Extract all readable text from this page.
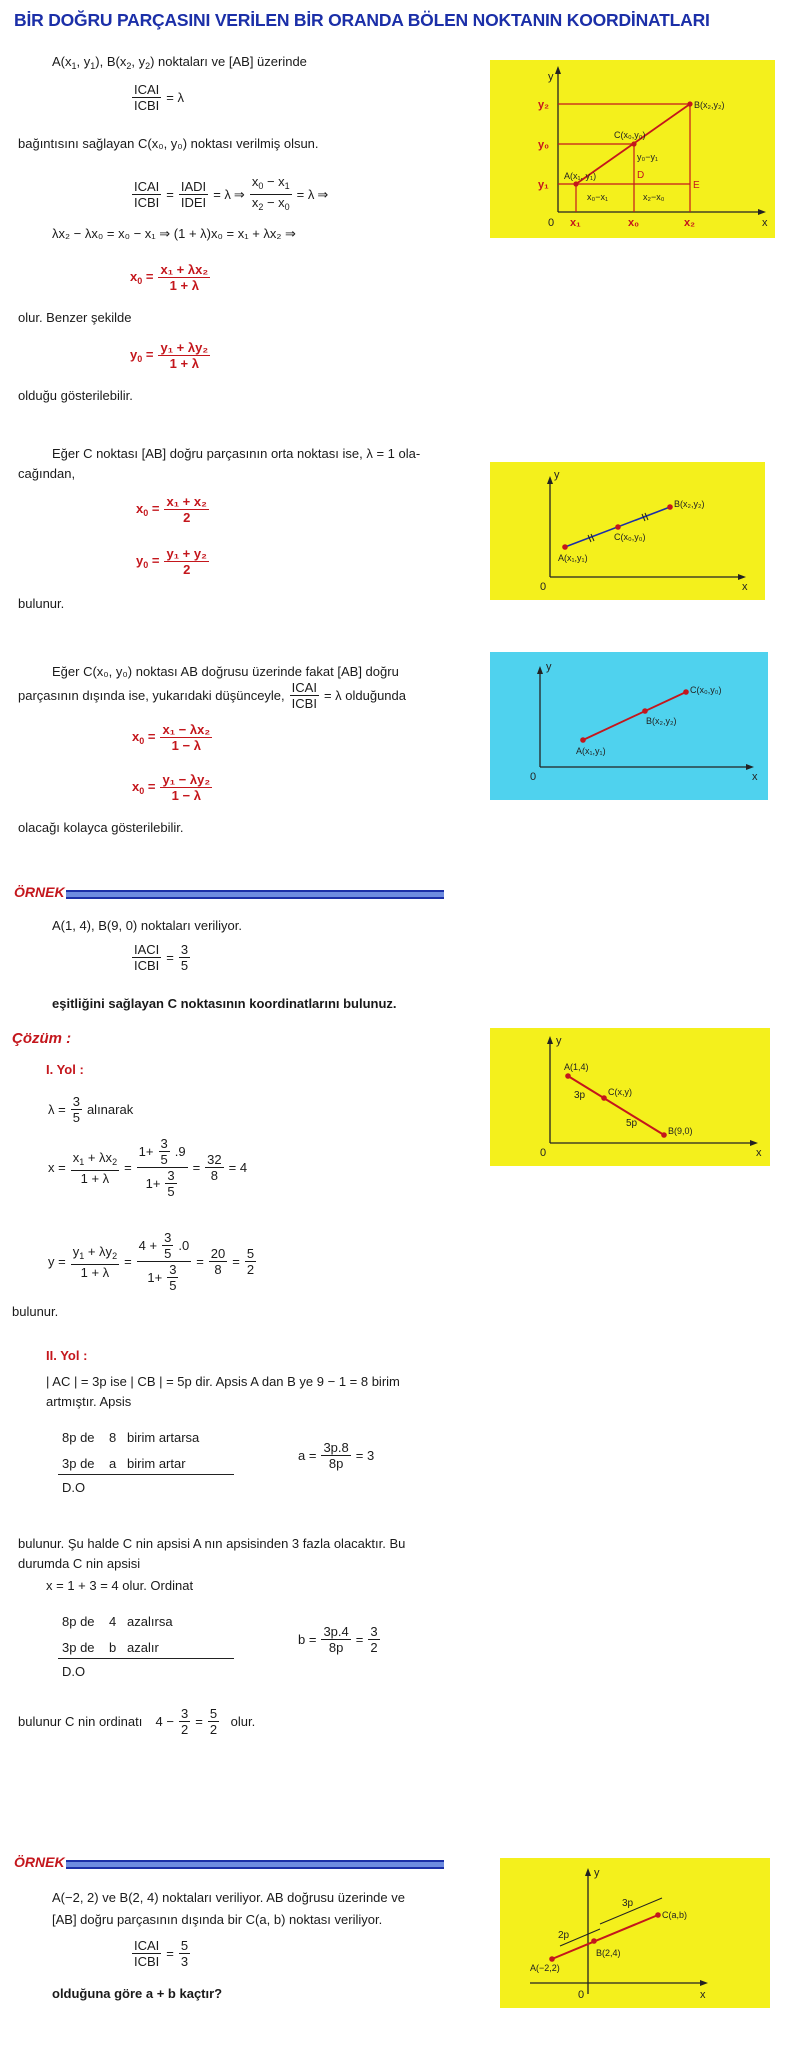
BİR DOĞRU PARÇASINI VERİLEN BİR ORANDA BÖLEN NOKTANIN KOORDİNATLARI
$A(x_1$, $y_1$), $B(x_2$, $y_2$) noktaları ve [AB] üzerinde
$\frac{\text{ICAI}}{\text{ICBI}} = \lambda$
bağıntısını sağlayan C(x₀, y₀) noktası verilmiş olsun.
$\frac{\text{ICAI}}{\text{ICBI}} = \frac{\text{IADI}}{\text{IDEI}} = \lambda$ ⇒ $\frac{x_0 - x_1}{x_2 - x_0} = \lambda$ ⇒
λx₂ − λx₀ = x₀ − x₁ ⇒ (1 + λ)x₀ = x₁ + λx₂ ⇒
$x_0 = \frac{\text{x₁ + λx₂}}{1 + \lambda}$
olur. Benzer şekilde
$y_0 = \frac{\text{y₁ + λy₂}}{1 + \lambda}$
olduğu gösterilebilir.
y
x
0
y₂
y₀
y₁
x₁	x₀	x₂
A(x₁, y₁)
B(x₂,y₂)
C(x₀,y₀)
D
E
x₀−x₁	x₂−x₀
y₀−y₁
Eğer C noktası [AB] doğru parçasının orta noktası ise, λ = 1 ola-
cağından,
$x_0 = \frac{\text{x₁ + x₂}}{2}$
$y_0 = \frac{\text{y₁ + y₂}}{2}$
bulunur.
y
x
0
A(x₁,y₁)
B(x₂,y₂)
C(x₀,y₀)
Eğer C(x₀, y₀) noktası AB doğrusu üzerinde fakat [AB] doğru
parçasının dışında ise, yukarıdaki düşünceyle, $\frac{\text{ICAI}}{\text{ICBI}} = \lambda$ olduğunda
$x_0 = \frac{\text{x₁ − λx₂}}{1 - \lambda}$
$x_0 = \frac{\text{y₁ − λy₂}}{1 - \lambda}$
olacağı kolayca gösterilebilir.
y
x
0
A(x₁,y₁)
B(x₂,y₂)
C(x₀,y₀)
ÖRNEK
A(1, 4), B(9, 0) noktaları veriliyor.
$\frac{\text{IACI}}{\text{ICBI}} = \frac{3}{5}$
eşitliğini sağlayan C noktasının koordinatlarını bulunuz.
Çözüm :
I. Yol :
$\lambda = \frac{3}{5}$ alınarak
$x = \frac{x_1 + \lambda x_2}{1 + \lambda} = \frac{1+ \frac{3}{5} .9}{1+ \frac{3}{5}} = \frac{32}{8} = 4$
$y = \frac{y_1 + \lambda y_2}{1 + \lambda} = \frac{4 + \frac{3}{5} .0}{1+ \frac{3}{5}} = \frac{20}{8} = \frac{5}{2}$
bulunur.
y
x
0
A(1,4)
B(9,0)
C(x,y)
3p
5p
II. Yol :
| AC | = 3p ise | CB | = 5p dir. Apsis A dan B ye 9 − 1 = 8 birim
artmıştır. Apsis
8p de    8   birim artarsa
3p de    a   birim artar
D.O
$a = \frac{3p.8}{8p} = 3$
bulunur. Şu halde C nin apsisi A nın apsisinden 3 fazla olacaktır. Bu
durumda C nin apsisi
x = 1 + 3 = 4 olur. Ordinat
8p de    4   azalırsa
3p de    b   azalır
D.O
$b = \frac{3p.4}{8p} = \frac{3}{2}$
bulunur C nin ordinatı
$4 - \frac{3}{2} = \frac{5}{2}$
olur.
ÖRNEK
A(−2, 2) ve B(2, 4) noktaları veriliyor. AB doğrusu üzerinde ve
[AB] doğru parçasının dışında bir C(a, b) noktası veriliyor.
$\frac{\text{ICAI}}{\text{ICBI}} = \frac{5}{3}$
olduğuna göre a + b kaçtır?
y
x
0
A(−2,2)
B(2,4)
C(a,b)
2p
3p
